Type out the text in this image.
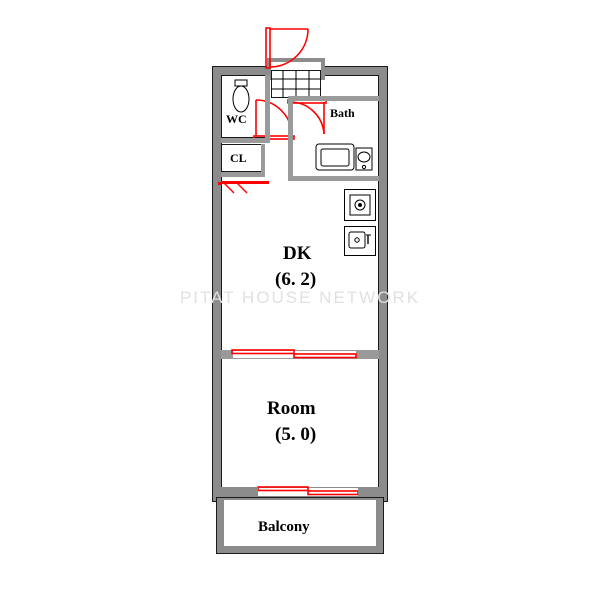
WC
CL
Bath
DK
(6. 2)
Room
(5. 0)
Balcony
PITAT HOUSE NETWORK
